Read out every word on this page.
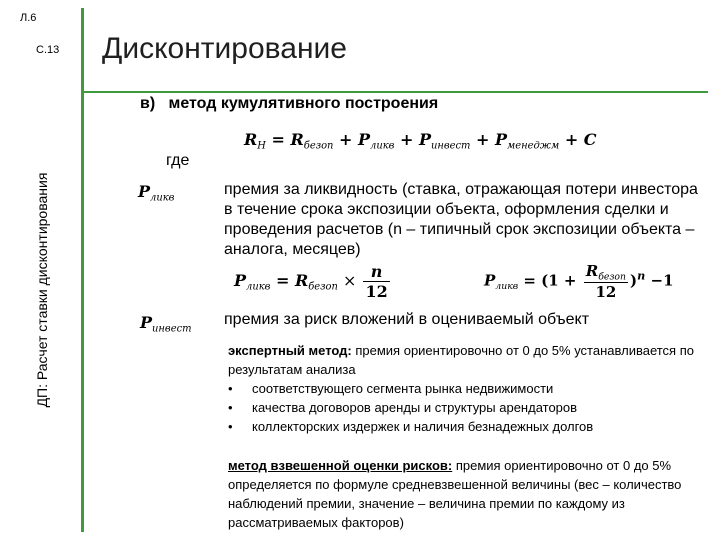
Л.6
С.13
ДП: Расчет ставки дисконтирования
Дисконтирование
в)   метод кумулятивного построения
$R_Н = R_{безоп} + P_{ликв} + P_{инвест} + P_{менеджм} + C$
где
$P_{ликв}$	премия за ликвидность (ставка, отражающая потери инвестора в течение срока экспозиции объекта, оформления сделки и проведения расчетов (n – типичный срок экспозиции объекта – аналога, месяцев)
$P_{ликв} = R_{безоп} \times \frac{n}{12}$	$P_{ликв} = (1 + \frac{R_{безоп}}{12} )^n -1$
$P_{инвест}$
премия за риск вложений в оцениваемый объект
экспертный метод: премия ориентировочно от 0 до 5% устанавливается по результатам анализа
•	соответствующего сегмента рынка недвижимости
•	качества договоров аренды и структуры арендаторов
•	коллекторских издержек и наличия безнадежных долгов
метод взвешенной оценки рисков: премия ориентировочно от 0 до 5% определяется по формуле средневзвешенной величины (вес – количество наблюдений премии, значение – величина премии по каждому из рассматриваемых факторов)
